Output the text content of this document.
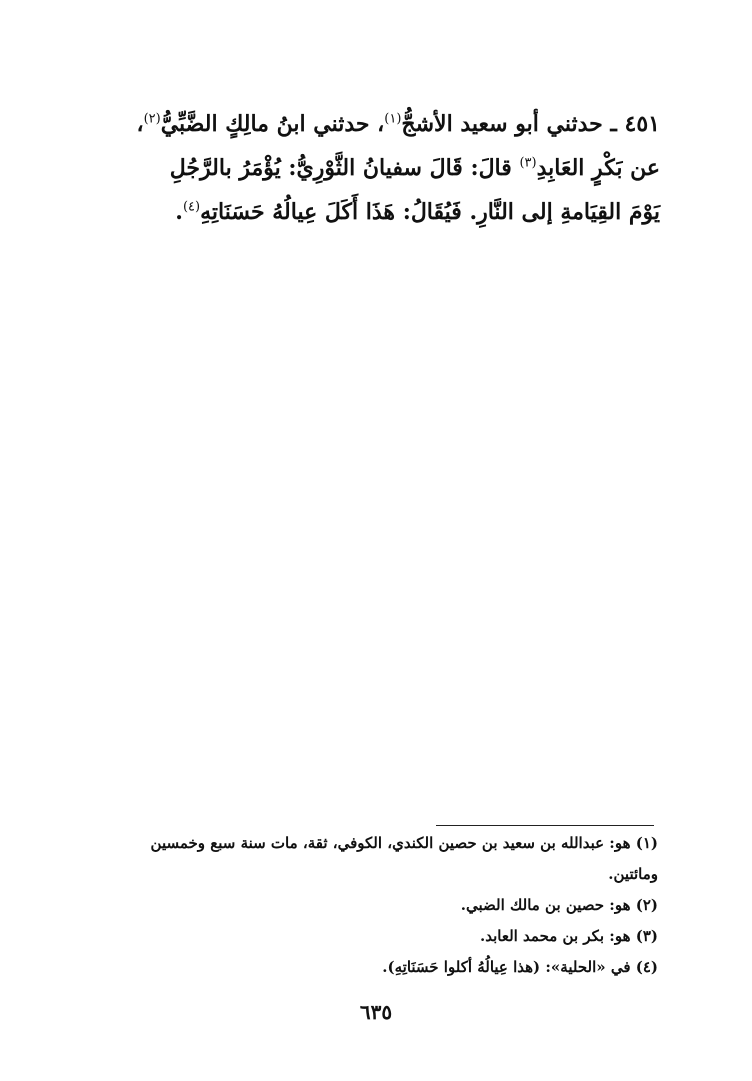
٤٥١ ـ حدثني أبو سعيد الأشجُّ$^{(١)}$، حدثني ابنُ مالِكٍ الضَّبِّيُّ$^{(٢)}$،
عن بَكْرٍ العَابِدِ$^{(٣)}$ قالَ: قَالَ سفيانُ الثَّوْرِيُّ: يُؤْمَرُ بالرَّجُلِ
يَوْمَ القِيَامةِ إلى النَّارِ. فَيُقَالُ: هَذَا أَكَلَ عِيالُهُ حَسَنَاتِهِ$^{(٤)}$.
(١) هو: عبدالله بن سعيد بن حصين الكندي، الكوفي، ثقة، مات سنة سبع وخمسين
ومائتين.
(٢) هو: حصين بن مالك الضبي.
(٣) هو: بكر بن محمد العابد.
(٤) في «الحلية»: (هذا عِيالُهُ أكلوا حَسَنَاتِهِ).
٦٣٥
